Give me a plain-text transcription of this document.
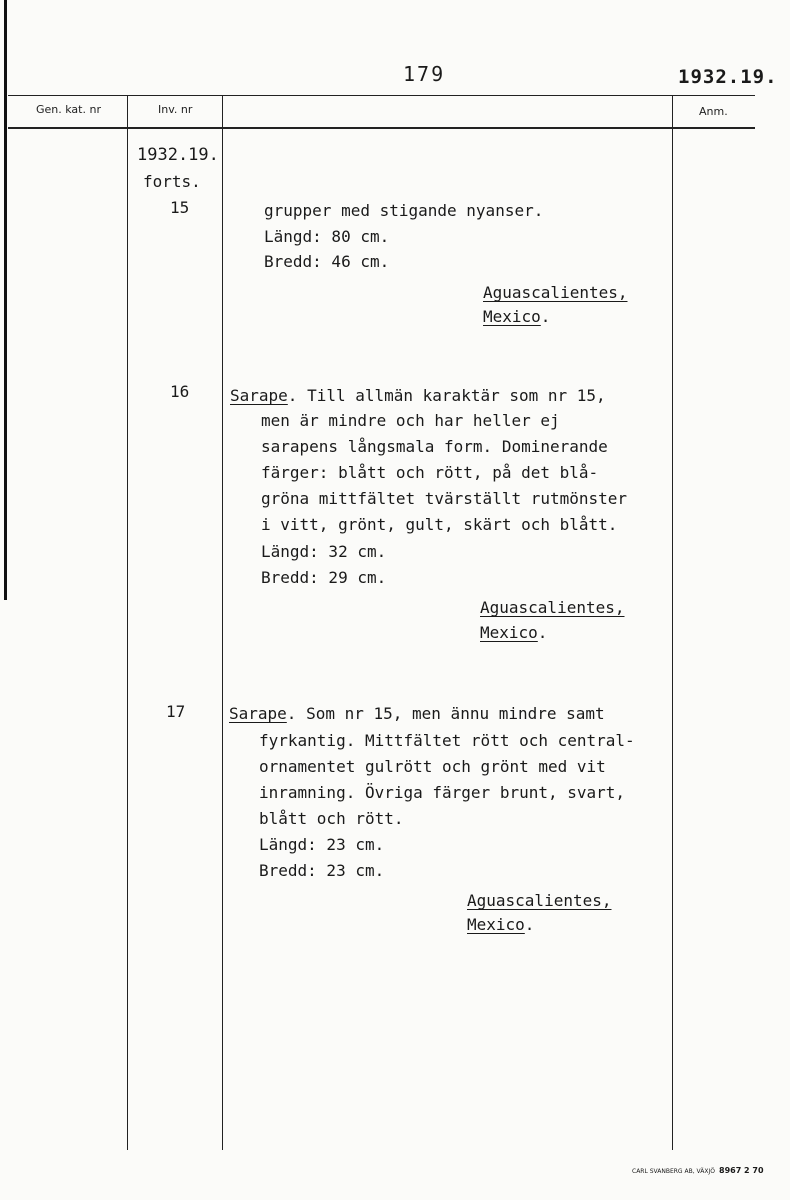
179	1932.19.
Gen. kat. nr	Inv. nr	Anm.
1932.19.
forts.
15	grupper med stigande nyanser.
Längd: 80 cm.
Bredd: 46 cm.
Aguascalientes,
Mexico.
16	Sarape. Till allmän karaktär som nr 15,
men är mindre och har heller ej
sarapens långsmala form. Dominerande
färger: blått och rött, på det blå-
gröna mittfältet tvärställt rutmönster
i vitt, grönt, gult, skärt och blått.
Längd: 32 cm.
Bredd: 29 cm.
Aguascalientes,
Mexico.
17	Sarape. Som nr 15, men ännu mindre samt
fyrkantig. Mittfältet rött och central-
ornamentet gulrött och grönt med vit
inramning. Övriga färger brunt, svart,
blått och rött.
Längd: 23 cm.
Bredd: 23 cm.
Aguascalientes,
Mexico.
CARL SVANBERG AB, VÄXJÖ 8967 2 70
